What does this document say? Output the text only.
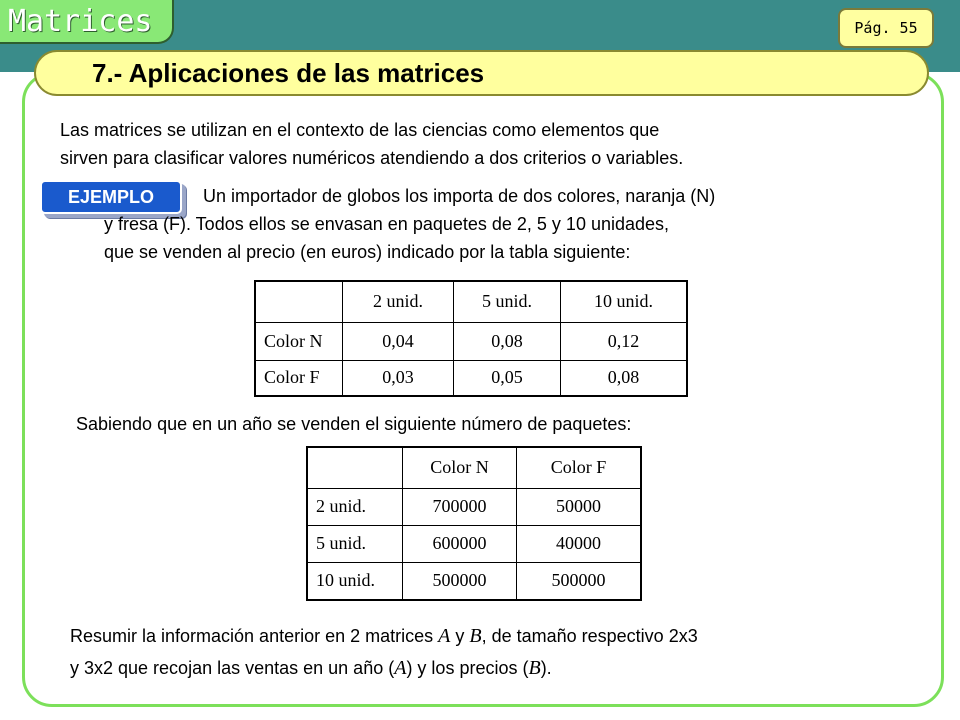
Matrices	Pág. 55
7.- Aplicaciones de las matrices

Las matrices se utilizan en el contexto de las ciencias como elementos que
sirven para clasificar valores numéricos atendiendo a dos criterios o variables.

EJEMPLO	Un importador de globos los importa de dos colores, naranja (N)

y fresa (F). Todos ellos se envasan en paquetes de 2, 5 y 10 unidades,

que se venden al precio (en euros) indicado por la tabla siguiente:

	2 unid.	5 unid.	10 unid.
Color N	0,04	0,08	0,12
Color F	0,03	0,05	0,08

Sabiendo que en un año se venden el siguiente número de paquetes:

	Color N	Color F
2 unid.	700000	50000
5 unid.	600000	40000
10 unid.	500000	500000

Resumir la información anterior en 2 matrices A y B, de tamaño respectivo 2x3
y 3x2 que recojan las ventas en un año (A) y los precios (B).
